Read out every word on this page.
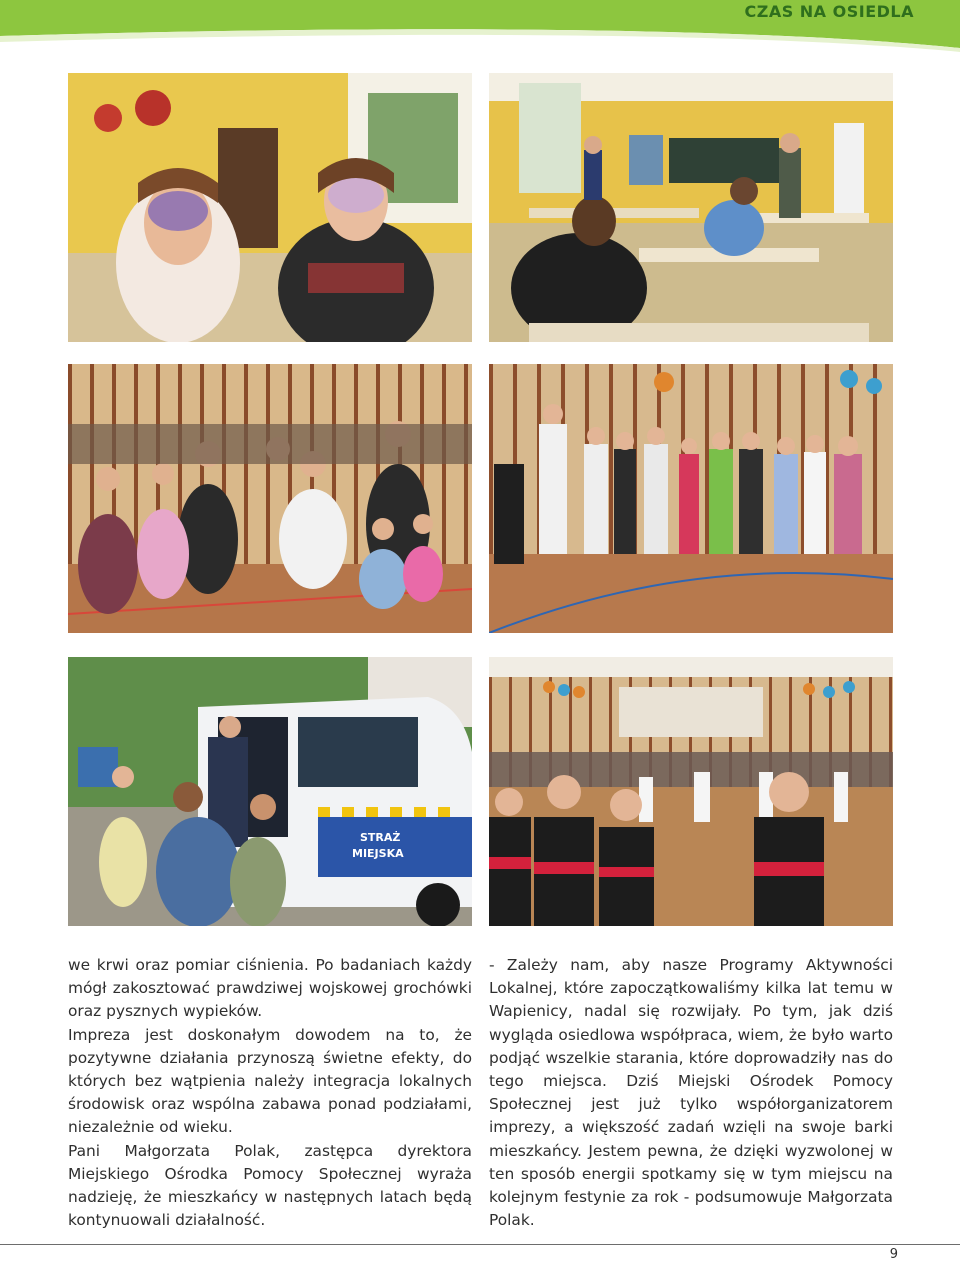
CZAS NA OSIEDLA
STRAŻ
MIEJSKA

we krwi oraz pomiar ciśnienia. Po badaniach każdy mógł zakosztować prawdziwej wojskowej grochówki oraz pysznych wypieków.

Impreza jest doskonałym dowodem na to, że pozytywne działania przynoszą świetne efekty, do których bez wątpienia należy integracja lokalnych środowisk oraz wspólna zabawa ponad podziałami, niezależnie od wieku.

Pani Małgorzata Polak, zastępca dyrektora Miejskiego Ośrodka Pomocy Społecznej wyraża nadzieję, że mieszkańcy w następnych latach będą kontynuowali działalność.

- Zależy nam, aby nasze Programy Aktywności Lokalnej, które zapoczątkowaliśmy kilka lat temu w Wapienicy, nadal się rozwijały. Po tym, jak dziś wygląda osiedlowa współpraca, wiem, że było warto podjąć wszelkie starania, które doprowadziły nas do tego miejsca. Dziś Miejski Ośrodek Pomocy Społecznej jest już tylko współorganizatorem imprezy, a większość zadań wzięli na swoje barki mieszkańcy. Jestem pewna, że dzięki wyzwolonej w ten sposób energii spotkamy się w tym miejscu na kolejnym festynie za rok - podsumowuje Małgorzata Polak.

9
